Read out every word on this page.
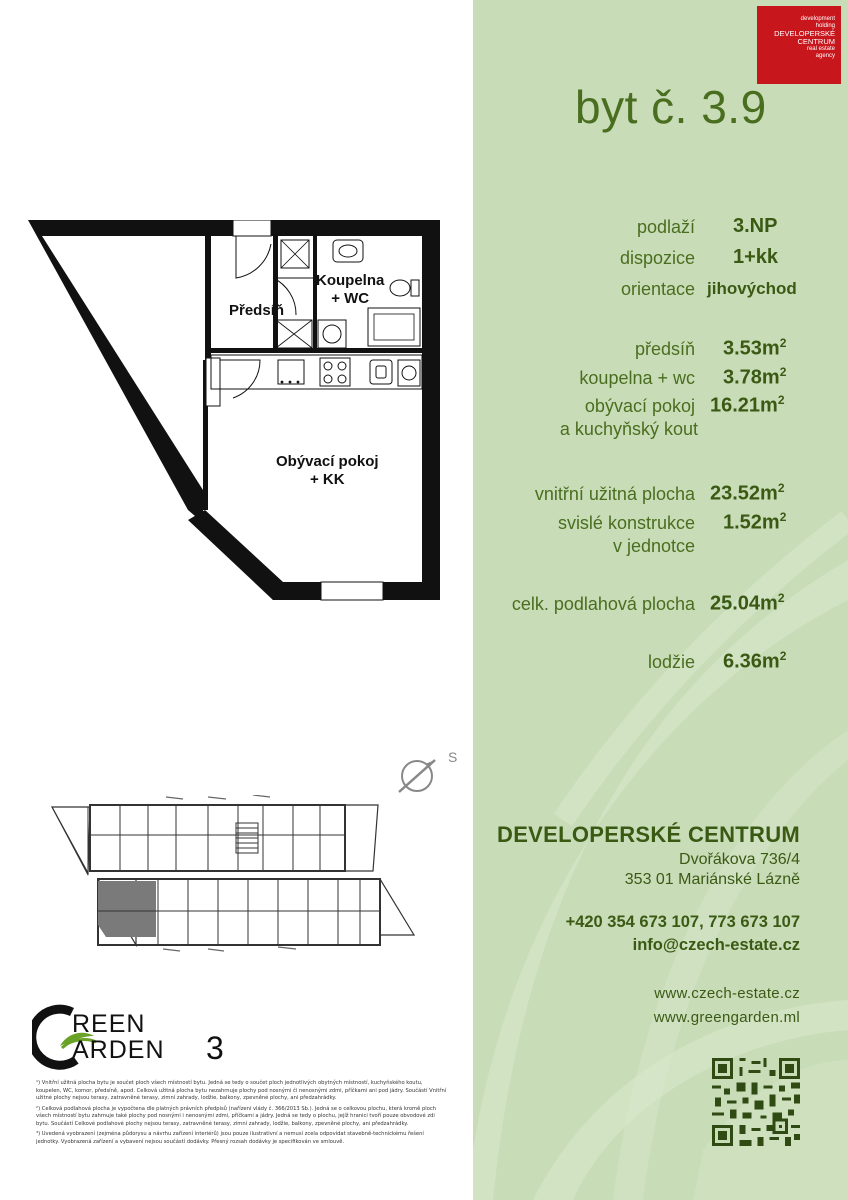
development
holding
DEVELOPERSKÉ
CENTRUM
real estate
agency
byt č. 3.9
podlaží 3.NP
dispozice 1+kk
orientace jihovýchod
předsíň $3.53m^2$
koupelna + wc $3.78m^2$
obývací pokoj
a kuchyňský kout
$16.21m^2$
vnitřní užitná plocha $23.52m^2$
svislé konstrukce
v jednotce
$1.52m^2$
celk. podlahová plocha $25.04m^2$
lodžie $6.36m^2$
Koupelna
+ WC
Předsíň
Obývací pokoj
+ KK
S
REEN
ARDEN 3

¹) Vnitřní užitná plocha bytu je součet ploch všech místností bytu. Jedná se tedy o součet ploch jednotlivých obytných místností, kuchyňského koutu, koupelen, WC, komor, předsíně, apod. Celková užitná plocha bytu nezahrnuje plochy pod nosnými či nenosnými zdmi, příčkami ani pod jádry. Součástí Vnitřní užitné plochy nejsou terasy, zatravněné terasy, zimní zahrady, lodžie, balkony, zpevněné plochy, ani předzahrádky.

²) Celková podlahová plocha je vypočtena dle platných právních předpisů (nařízení vlády č. 366/2013 Sb.). Jedná se o celkovou plochu, která kromě ploch všech místností bytu zahrnuje také plochy pod nosnými i nenosnými zdmi, příčkami a jádry. Jedná se tedy o plochu, jejíž hranici tvoří pouze obvodové zdi bytu. Součástí Celkové podlahové plochy nejsou terasy, zatravněné terasy, zimní zahrady, lodžie, balkony, zpevněné plochy, ani předzahrádky.

³) Uvedená vyobrazení (zejména půdorysu a návrhu zařízení interiérů) jsou pouze ilustrativní a nemusí zcela odpovídat stavebně-technickému řešení jednotky. Vyobrazená zařízení a vybavení nejsou součástí dodávky. Přesný rozsah dodávky je specifikován ve smlouvě.

DEVELOPERSKÉ CENTRUM
Dvořákova 736/4
353 01 Mariánské Lázně
+420 354 673 107, 773 673 107
info@czech-estate.cz
www.czech-estate.cz
www.greengarden.ml
